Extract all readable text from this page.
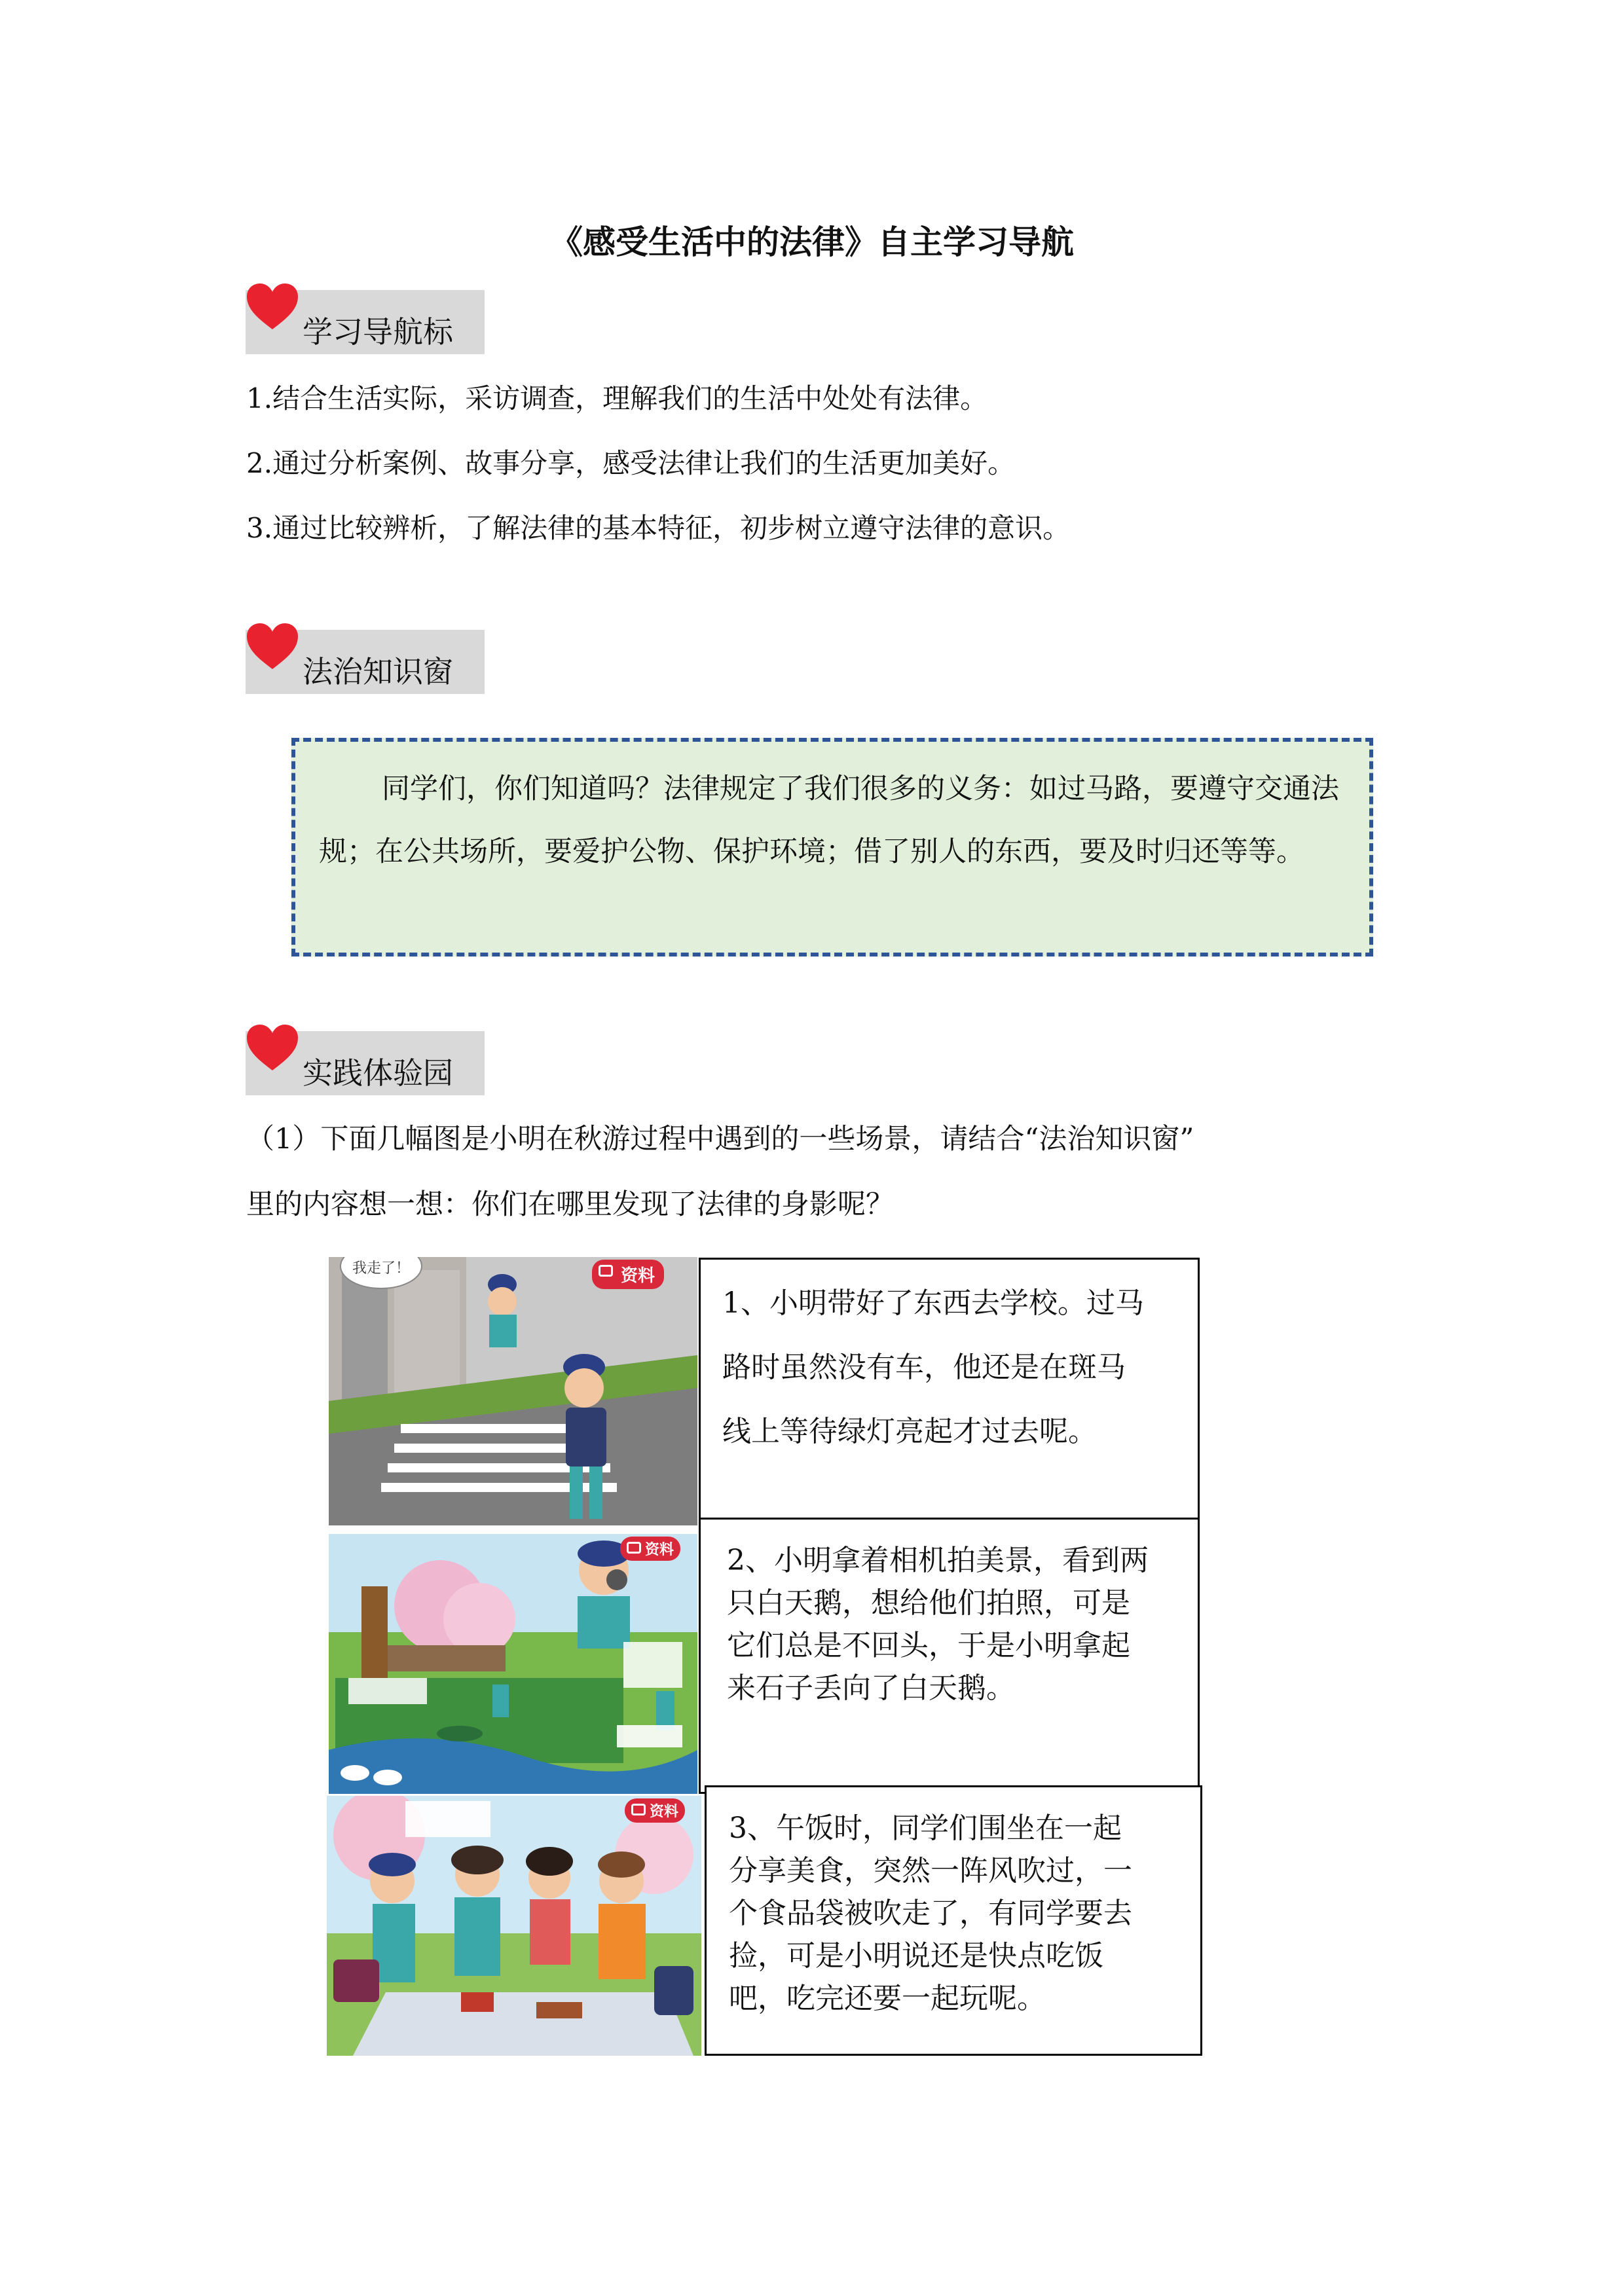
《感受生活中的法律》自主学习导航
学习导航标
1.结合生活实际，采访调查，理解我们的生活中处处有法律。
2.通过分析案例、故事分享，感受法律让我们的生活更加美好。
3.通过比较辨析，了解法律的基本特征，初步树立遵守法律的意识。
法治知识窗
同学们，你们知道吗？法律规定了我们很多的义务：如过马路，要遵守交通法规；在公共场所，要爱护公物、保护环境；借了别人的东西，要及时归还等等。
实践体验园
（1）下面几幅图是小明在秋游过程中遇到的一些场景，请结合“法治知识窗”
里的内容想一想：你们在哪里发现了法律的身影呢？
我走了！	资料
1、小明带好了东西去学校。过马
路时虽然没有车，他还是在斑马
线上等待绿灯亮起才过去呢。
资料 2、小明拿着相机拍美景，看到两
只白天鹅，想给他们拍照，可是
它们总是不回头，于是小明拿起
来石子丢向了白天鹅。
资料 3、午饭时，同学们围坐在一起
分享美食，突然一阵风吹过，一
个食品袋被吹走了，有同学要去
捡，可是小明说还是快点吃饭
吧，吃完还要一起玩呢。
